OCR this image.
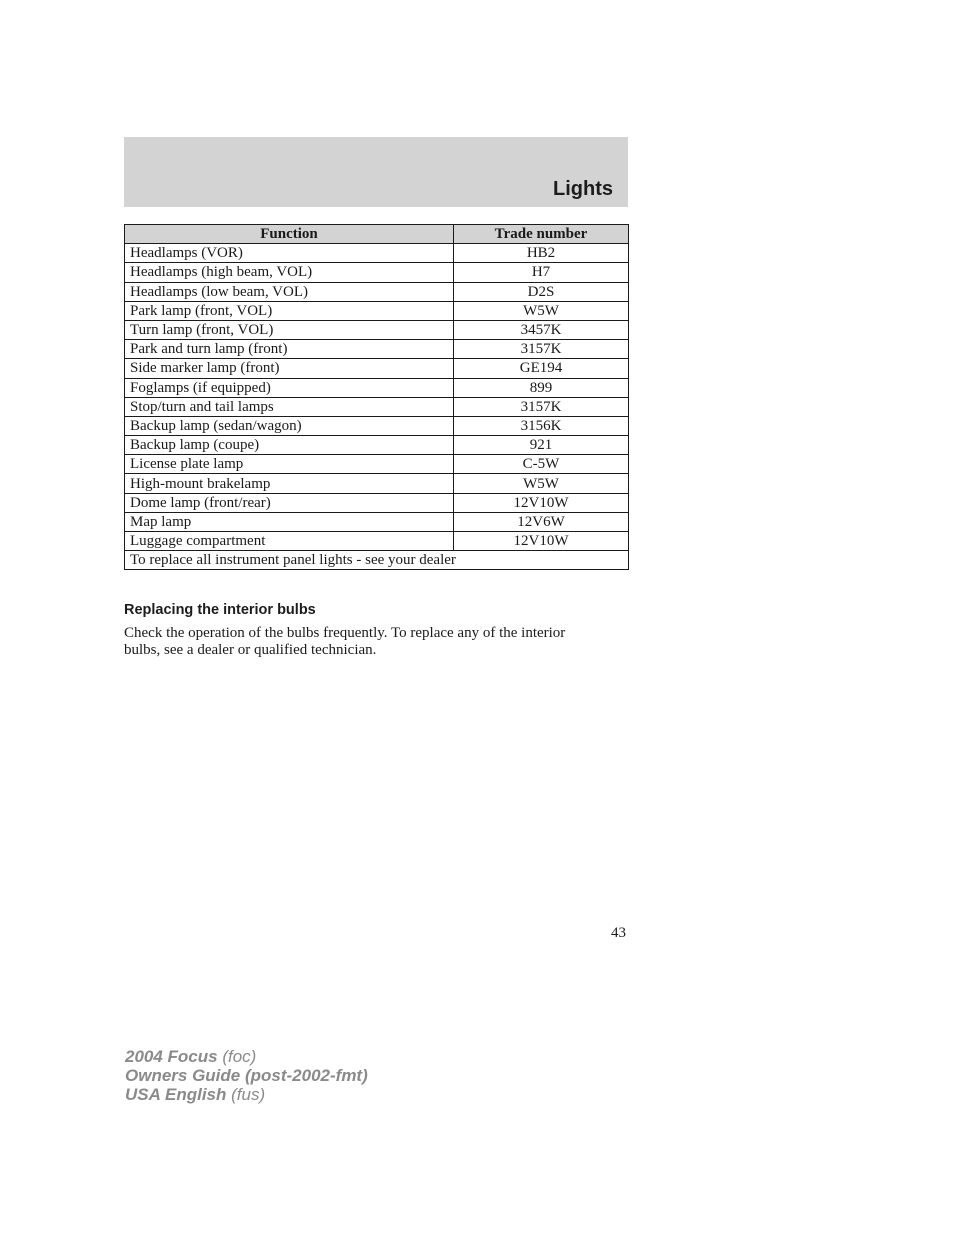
Lights
Function	Trade number
Headlamps (VOR)	HB2
Headlamps (high beam, VOL)	H7
Headlamps (low beam, VOL)	D2S
Park lamp (front, VOL)	W5W
Turn lamp (front, VOL)	3457K
Park and turn lamp (front)	3157K
Side marker lamp (front)	GE194
Foglamps (if equipped)	899
Stop/turn and tail lamps	3157K
Backup lamp (sedan/wagon)	3156K
Backup lamp (coupe)	921
License plate lamp	C-5W
High-mount brakelamp	W5W
Dome lamp (front/rear)	12V10W
Map lamp	12V6W
Luggage compartment	12V10W
To replace all instrument panel lights - see your dealer	
Replacing the interior bulbs
Check the operation of the bulbs frequently. To replace any of the interior bulbs, see a dealer or qualified technician.
43
2004 Focus (foc)
Owners Guide (post-2002-fmt)
USA English (fus)
